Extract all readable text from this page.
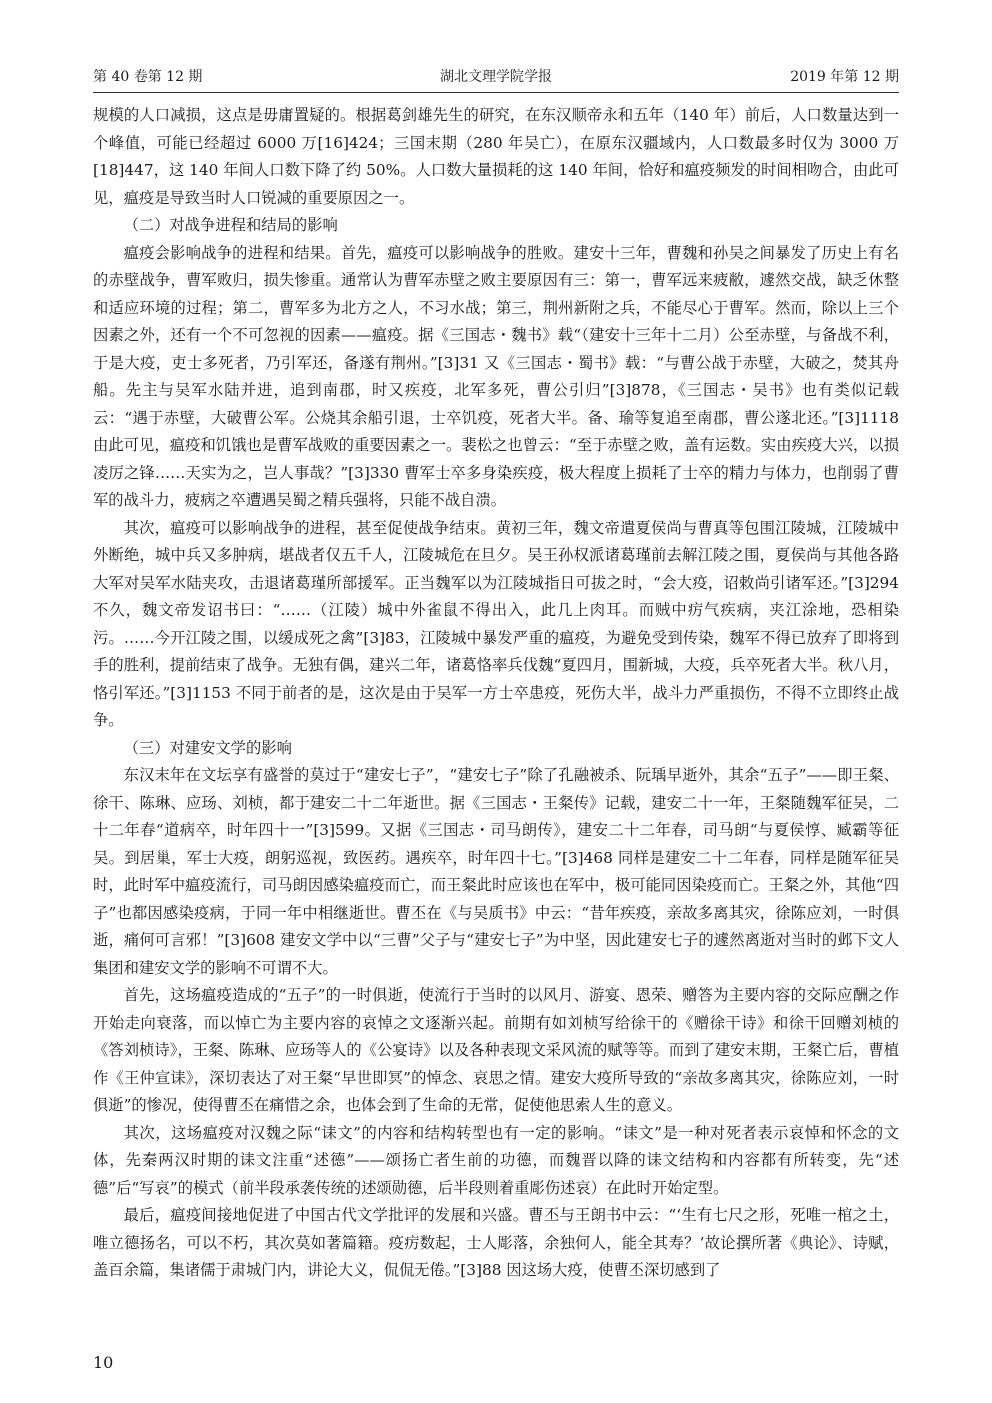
第 40 卷第 12 期	湖北文理学院学报	2019 年第 12 期

规模的人口减损，这点是毋庸置疑的。根据葛剑雄先生的研究，在东汉顺帝永和五年（140 年）前后，人口数量达到一个峰值，可能已经超过 6000 万[16]424；三国末期（280 年吴亡），在原东汉疆域内，人口数最多时仅为 3000 万[18]447，这 140 年间人口数下降了约 50%。人口数大量损耗的这 140 年间，恰好和瘟疫频发的时间相吻合，由此可见，瘟疫是导致当时人口锐减的重要原因之一。

（二）对战争进程和结局的影响

瘟疫会影响战争的进程和结果。首先，瘟疫可以影响战争的胜败。建安十三年，曹魏和孙吴之间暴发了历史上有名的赤壁战争，曹军败归，损失惨重。通常认为曹军赤壁之败主要原因有三：第一，曹军远来疲敝，遽然交战，缺乏休整和适应环境的过程；第二，曹军多为北方之人，不习水战；第三，荆州新附之兵，不能尽心于曹军。然而，除以上三个因素之外，还有一个不可忽视的因素——瘟疫。据《三国志・魏书》载“（建安十三年十二月）公至赤壁，与备战不利，于是大疫，吏士多死者，乃引军还，备遂有荆州。”[3]31 又《三国志・蜀书》载：“与曹公战于赤壁，大破之，焚其舟船。先主与吴军水陆并进，追到南郡，时又疾疫，北军多死，曹公引归”[3]878，《三国志・吴书》也有类似记载云：“遇于赤壁，大破曹公军。公烧其余船引退，士卒饥疫，死者大半。备、瑜等复追至南郡，曹公遂北还。”[3]1118 由此可见，瘟疫和饥饿也是曹军战败的重要因素之一。裴松之也曾云：“至于赤壁之败，盖有运数。实由疾疫大兴，以损凌厉之锋……天实为之，岂人事哉？”[3]330 曹军士卒多身染疾疫，极大程度上损耗了士卒的精力与体力，也削弱了曹军的战斗力，疲病之卒遭遇吴蜀之精兵强将，只能不战自溃。

其次，瘟疫可以影响战争的进程，甚至促使战争结束。黄初三年，魏文帝遣夏侯尚与曹真等包围江陵城，江陵城中外断绝，城中兵又多肿病，堪战者仅五千人，江陵城危在旦夕。吴王孙权派诸葛瑾前去解江陵之围，夏侯尚与其他各路大军对吴军水陆夹攻，击退诸葛瑾所部援军。正当魏军以为江陵城指日可拔之时，“会大疫，诏敕尚引诸军还。”[3]294 不久，魏文帝发诏书曰：“……（江陵）城中外雀鼠不得出入，此几上肉耳。而贼中疠气疾病，夹江涂地，恐相染污。……今开江陵之围，以缓成死之禽”[3]83，江陵城中暴发严重的瘟疫，为避免受到传染，魏军不得已放弃了即将到手的胜利，提前结束了战争。无独有偶，建兴二年，诸葛恪率兵伐魏“夏四月，围新城，大疫，兵卒死者大半。秋八月，恪引军还。”[3]1153 不同于前者的是，这次是由于吴军一方士卒患疫，死伤大半，战斗力严重损伤，不得不立即终止战争。

（三）对建安文学的影响

东汉末年在文坛享有盛誉的莫过于“建安七子”，“建安七子”除了孔融被杀、阮瑀早逝外，其余“五子”——即王粲、徐干、陈琳、应玚、刘桢，都于建安二十二年逝世。据《三国志・王粲传》记载，建安二十一年，王粲随魏军征吴，二十二年春“道病卒，时年四十一”[3]599。又据《三国志・司马朗传》，建安二十二年春，司马朗“与夏侯惇、臧霸等征吴。到居巢，军士大疫，朗躬巡视，致医药。遇疾卒，时年四十七。”[3]468 同样是建安二十二年春，同样是随军征吴时，此时军中瘟疫流行，司马朗因感染瘟疫而亡，而王粲此时应该也在军中，极可能同因染疫而亡。王粲之外，其他“四子”也都因感染疫病，于同一年中相继逝世。曹丕在《与吴质书》中云：“昔年疾疫，亲故多离其灾，徐陈应刘，一时俱逝，痛何可言邪！”[3]608 建安文学中以“三曹”父子与“建安七子”为中坚，因此建安七子的遽然离逝对当时的邺下文人集团和建安文学的影响不可谓不大。

首先，这场瘟疫造成的“五子”的一时俱逝，使流行于当时的以风月、游宴、恩荣、赠答为主要内容的交际应酬之作开始走向衰落，而以悼亡为主要内容的哀悼之文逐渐兴起。前期有如刘桢写给徐干的《赠徐干诗》和徐干回赠刘桢的《答刘桢诗》，王粲、陈琳、应玚等人的《公宴诗》以及各种表现文采风流的赋等等。而到了建安末期，王粲亡后，曹植作《王仲宣诔》，深切表达了对王粲“早世即冥”的悼念、哀思之情。建安大疫所导致的“亲故多离其灾，徐陈应刘，一时俱逝”的惨况，使得曹丕在痛惜之余，也体会到了生命的无常，促使他思索人生的意义。

其次，这场瘟疫对汉魏之际“诔文”的内容和结构转型也有一定的影响。“诔文”是一种对死者表示哀悼和怀念的文体，先秦两汉时期的诔文注重“述德”——颂扬亡者生前的功德，而魏晋以降的诔文结构和内容都有所转变，先“述德”后“写哀”的模式（前半段承袭传统的述颂勋德，后半段则着重彫伤述哀）在此时开始定型。

最后，瘟疫间接地促进了中国古代文学批评的发展和兴盛。曹丕与王朗书中云：“‘生有七尺之形，死唯一棺之土，唯立德扬名，可以不朽，其次莫如著篇籍。疫疠数起，士人彫落，余独何人，能全其寿？’故论撰所著《典论》、诗赋，盖百余篇，集诸儒于肃城门内，讲论大义，侃侃无倦。”[3]88 因这场大疫，使曹丕深切感到了

10
